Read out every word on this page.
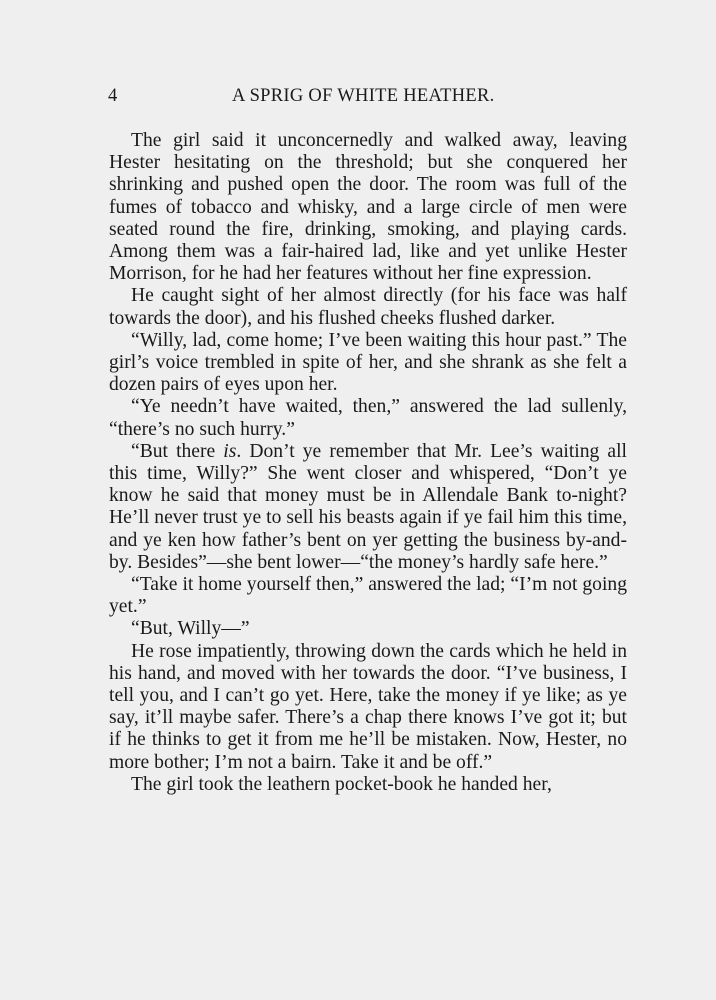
4	A SPRIG OF WHITE HEATHER.

The girl said it unconcernedly and walked away, leaving Hester hesitating on the threshold; but she conquered her shrinking and pushed open the door. The room was full of the fumes of tobacco and whisky, and a large circle of men were seated round the fire, drinking, smoking, and playing cards. Among them was a fair-haired lad, like and yet unlike Hester Morrison, for he had her features without her fine expression.

He caught sight of her almost directly (for his face was half towards the door), and his flushed cheeks flushed darker.

“Willy, lad, come home; I’ve been waiting this hour past.” The girl’s voice trembled in spite of her, and she shrank as she felt a dozen pairs of eyes upon her.

“Ye needn’t have waited, then,” answered the lad sullenly, “there’s no such hurry.”

“But there is. Don’t ye remember that Mr. Lee’s waiting all this time, Willy?” She went closer and whispered, “Don’t ye know he said that money must be in Allendale Bank to-night? He’ll never trust ye to sell his beasts again if ye fail him this time, and ye ken how father’s bent on yer getting the business by-and-by. Besides”—she bent lower—“the money’s hardly safe here.”

“Take it home yourself then,” answered the lad; “I’m not going yet.”

“But, Willy—”

He rose impatiently, throwing down the cards which he held in his hand, and moved with her towards the door. “I’ve business, I tell you, and I can’t go yet. Here, take the money if ye like; as ye say, it’ll maybe safer. There’s a chap there knows I’ve got it; but if he thinks to get it from me he’ll be mistaken. Now, Hester, no more bother; I’m not a bairn. Take it and be off.”

The girl took the leathern pocket-book he handed her,
